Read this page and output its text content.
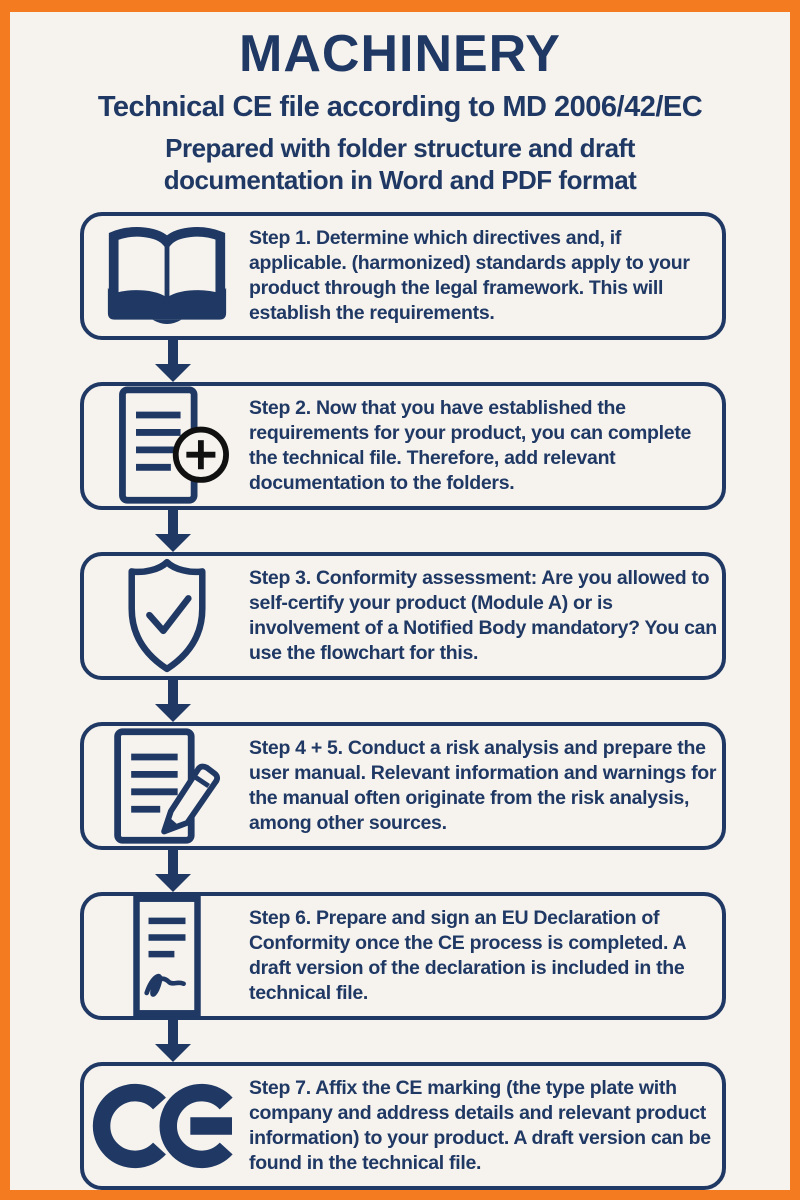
MACHINERY
Technical CE file according to MD 2006/42/EC
Prepared with folder structure and draft
documentation in Word and PDF format

Step 1. Determine which directives and, if applicable. (harmonized) standards apply to your product through the legal framework. This will establish the requirements.

Step 2. Now that you have established the requirements for your product, you can complete the technical file. Therefore, add relevant documentation to the folders.

Step 3. Conformity assessment: Are you allowed to self-certify your product (Module A) or is involvement of a Notified Body mandatory? You can use the flowchart for this.

Step 4 + 5. Conduct a risk analysis and prepare the user manual. Relevant information and warnings for the manual often originate from the risk analysis, among other sources.

Step 6. Prepare and sign an EU Declaration of Conformity once the CE process is completed. A draft version of the declaration is included in the technical file.

Step 7. Affix the CE marking (the type plate with company and address details and relevant product information) to your product. A draft version can be found in the technical file.
